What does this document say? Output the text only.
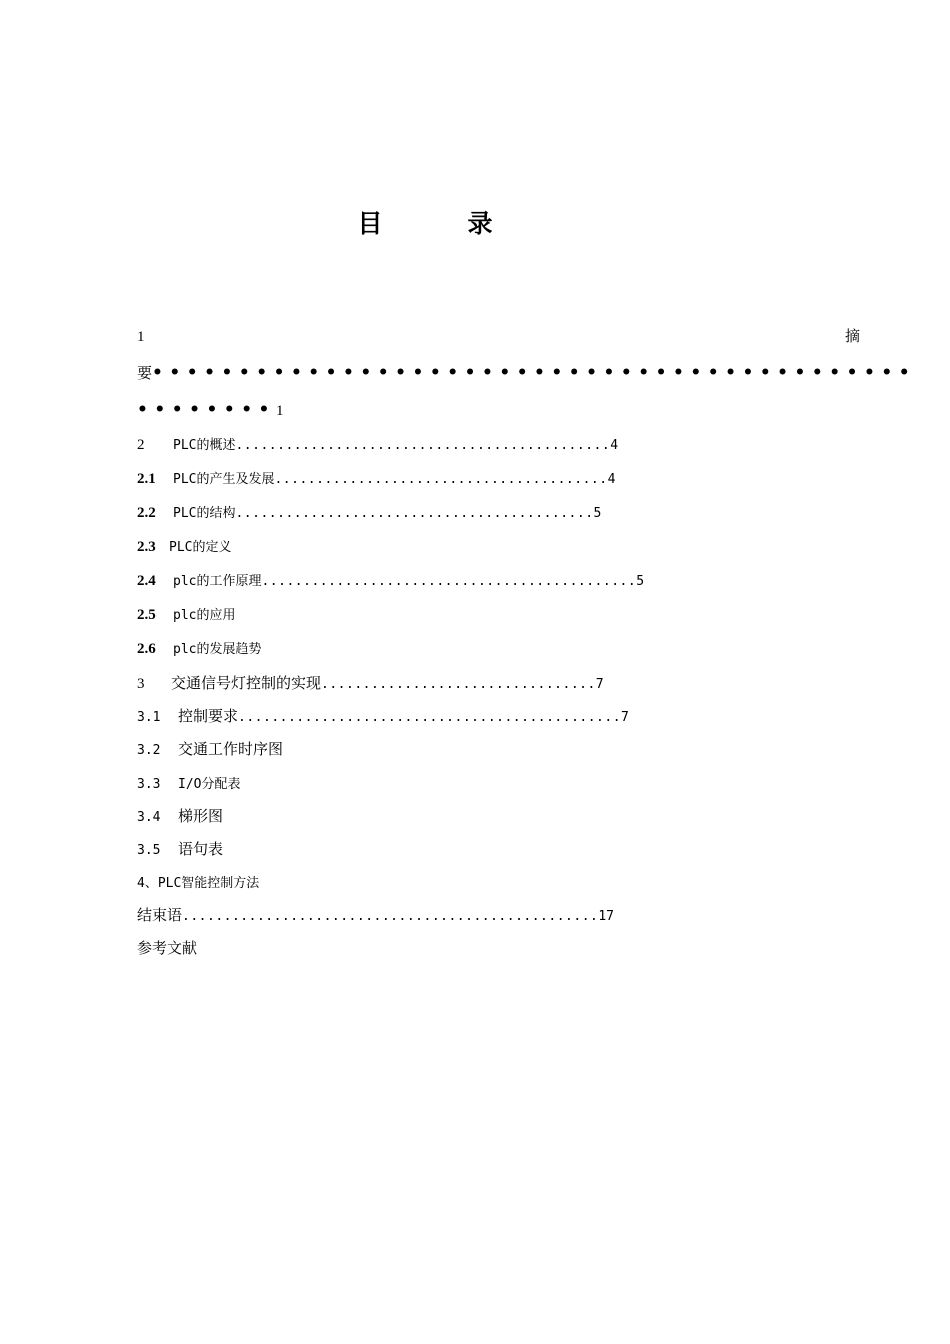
目　录
1	摘
要••••••••••••••••••••••••••••••••••••••••••••
••••••••1
2 PLC的概述.............................................4
2.1 PLC的产生及发展........................................4
2.2 PLC的结构...........................................5
2.3 PLC的定义
2.4 plc的工作原理.............................................5
2.5 plc的应用
2.6 plc的发展趋势
3 交通信号灯控制的实现.................................7
3.1 控制要求..............................................7
3.2 交通工作时序图
3.3 I/O分配表
3.4 梯形图
3.5 语句表
4、PLC智能控制方法
结束语..................................................17
参考文献
